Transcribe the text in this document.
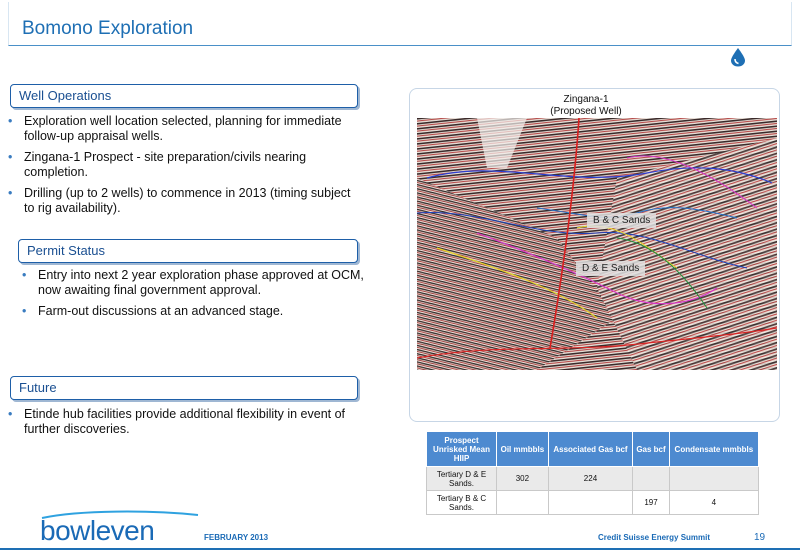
Bomono Exploration
Well Operations
• Exploration well location selected, planning for immediate follow-up appraisal wells.
• Zingana-1 Prospect - site preparation/civils nearing completion.
• Drilling (up to 2 wells) to commence in 2013 (timing subject to rig availability).
Permit Status
• Entry into next 2 year exploration phase approved at OCM, now awaiting final government approval.
• Farm-out discussions at an advanced stage.
Future
• Etinde hub facilities provide additional flexibility in event of further discoveries.
Zingana-1
(Proposed Well)
B & C Sands
D & E Sands
Prospect Unrisked Mean HIIP	Oil mmbbls	Associated Gas bcf	Gas bcf	Condensate mmbbls
Tertiary D & E Sands.	302	224		
Tertiary B & C Sands.			197	4
bowleven	FEBRUARY 2013	Credit Suisse Energy Summit	19
